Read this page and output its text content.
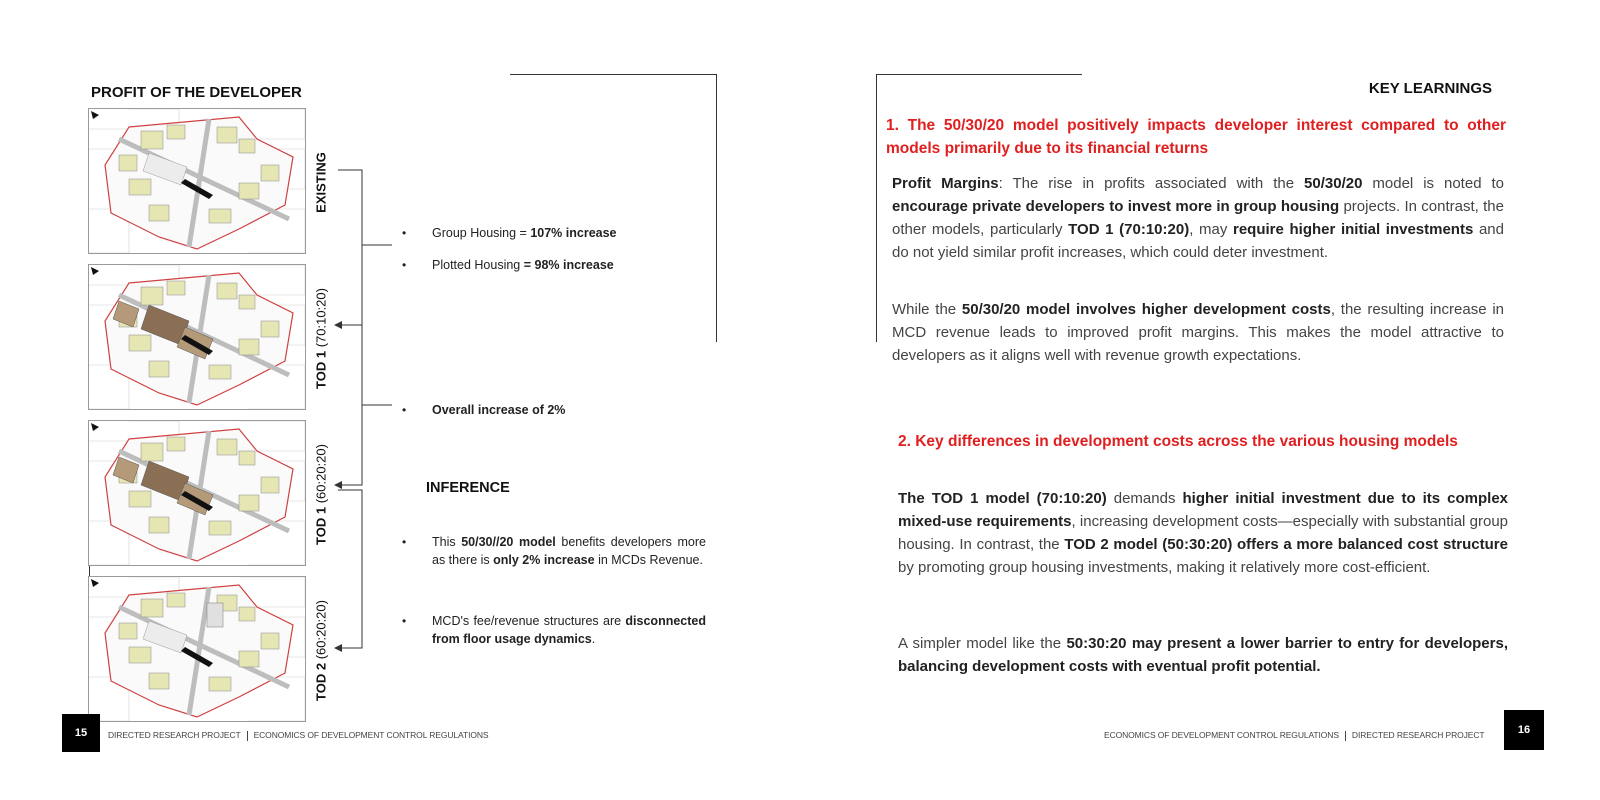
PROFIT OF THE DEVELOPER
EXISTING
TOD 1 (70:10:20)
TOD 1 (60:20:20)
TOD 2 (60:20:20)
• Group Housing = 107% increase
• Plotted Housing = 98% increase
• Overall increase of 2%
INFERENCE
• This 50/30//20 model benefits developers more as there is only 2% increase in MCDs Revenue.
• MCD's fee/revenue structures are disconnected from floor usage dynamics.
15	DIRECTED RESEARCH PROJECT ECONOMICS OF DEVELOPMENT CONTROL REGULATIONS
KEY LEARNINGS
1. The 50/30/20 model positively impacts developer interest compared to other models primarily due to its financial returns
Profit Margins: The rise in profits associated with the 50/30/20 model is noted to encourage private developers to invest more in group housing projects. In contrast, the other models, particularly TOD 1 (70:10:20), may require higher initial investments and do not yield similar profit increases, which could deter investment.
While the 50/30/20 model involves higher development costs, the resulting increase in MCD revenue leads to improved profit margins. This makes the model attractive to developers as it aligns well with revenue growth expectations.
2. Key differences in development costs across the various housing models
The TOD 1 model (70:10:20) demands higher initial investment due to its complex mixed-use requirements, increasing development costs—especially with substantial group housing. In contrast, the TOD 2 model (50:30:20) offers a more balanced cost structure by promoting group housing investments, making it relatively more cost-efficient.
A simpler model like the 50:30:20 may present a lower barrier to entry for developers, balancing development costs with eventual profit potential.
ECONOMICS OF DEVELOPMENT CONTROL REGULATIONS DIRECTED RESEARCH PROJECT	16
